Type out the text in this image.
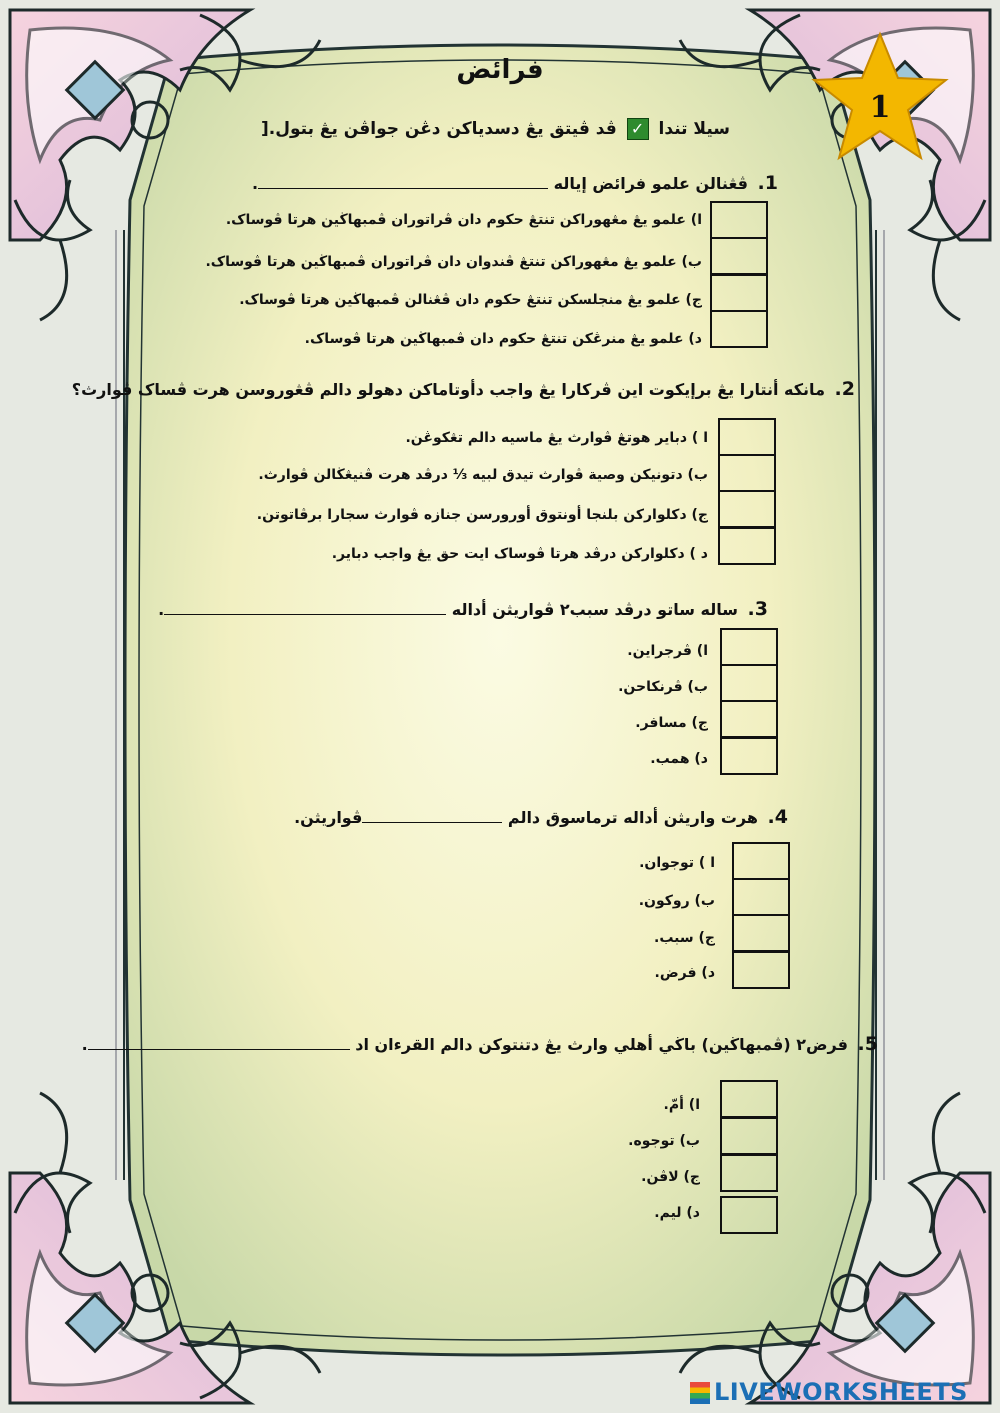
1
فرائض
سيلا تندا ✓ ڤد ڤيتق يڠ دسدياکن دڠن جواڤن يڠ بتول.[
1. ڤڠنالن علمو فرائض إياله .
ا) علمو يڠ مڠهوراکن تنتڠ حکوم دان ڤراتوران ڤمبهاڬين هرتا ڤوساک.
ب) علمو يڠ مڠهوراکن تنتڠ ڤندوان دان ڤراتوران ڤمبهاڬين هرتا ڤوساک.
ج) علمو يڠ منجلسکن تنتڠ حکوم دان ڤڠنالن ڤمبهاڬين هرتا ڤوساک.
د) علمو يڠ منرڠکن تنتڠ حکوم دان ڤمبهاڬين هرتا ڤوساک.
2. مانکه أنتارا يڠ برإيکوت اين ڤرکارا يڠ واجب دأوتاماکن دهولو دالم ڤڠوروسن هرت ڤساک ڤوارث؟
ا ) دباير هوتڠ ڤوارث يڠ ماسيه دالم تڠکوڠن.
ب) دتونيکن وصية ڤوارث تيدق لبيه ⅓ درڤد هرت ڤنيڠڬالن ڤوارث.
ج) دکلوارکن بلنجا أونتوق أورورسن جنازه ڤوارث سجارا برڤاتوتن.
د ) دکلوارکن درڤد هرتا ڤوساک ايت حق يڠ واجب دباير.
3. ساله ساتو درڤد سبب٢ ڤواريثن أداله .
ا) ڤرجراين.
ب) ڤرنکاحن.
ج) مسافر.
د) همب.
4. هرت واريثن أداله ترماسوق دالم ڤواريثن.
ا ) توجوان.
ب) روکون.
ج) سبب.
د) فرض.
5. فرض٢ (ڤمبهاڬين) باڬي أهلي وارث يڠ دتنتوکن دالم القرءان اد .
ا) أمّ.
ب) توجوه.
ج) لاڤن.
د) ليم.
LIVEWORKSHEETS
